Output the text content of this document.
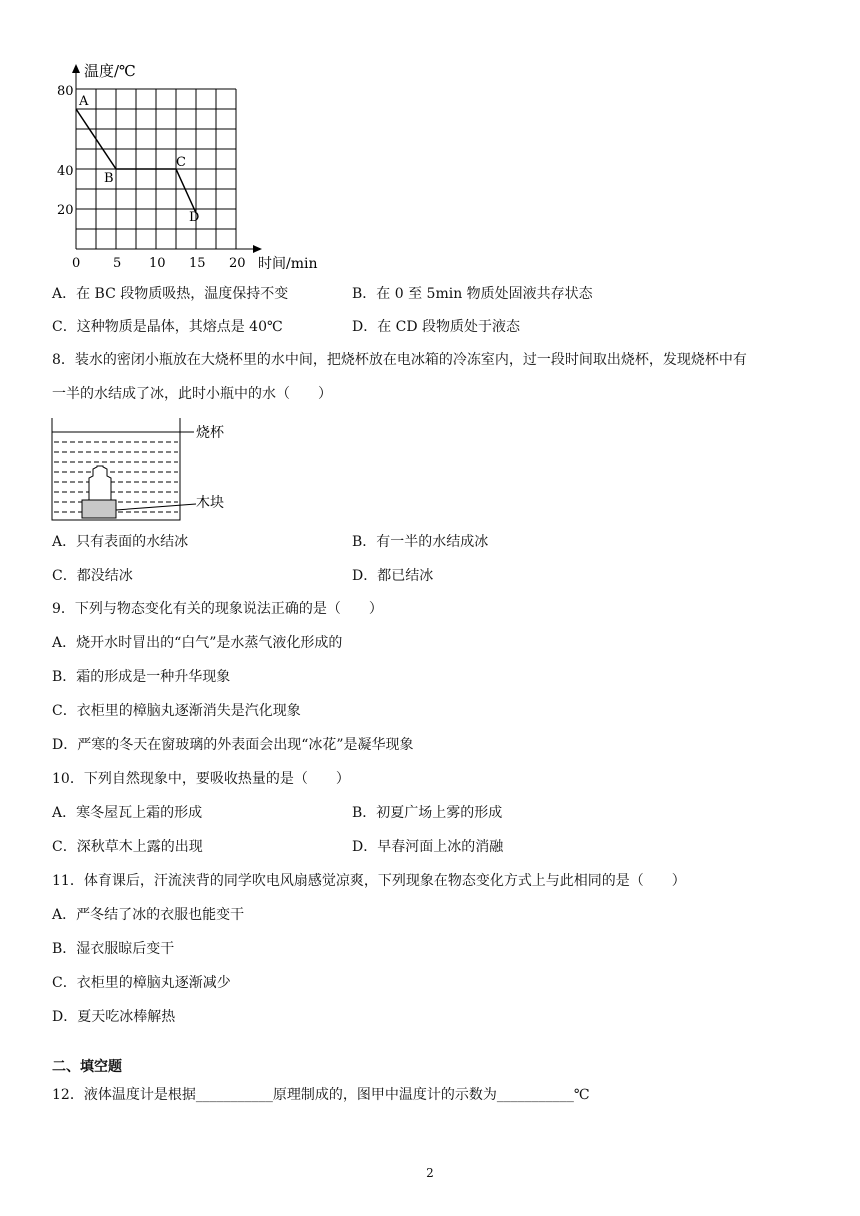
温度/℃
时间/min
80
40
20
0	5 10 15 20
A
B
C
D
A．在 BC 段物质吸热，温度保持不变	B．在 0 至 5min 物质处固液共存状态
C．这种物质是晶体，其熔点是 40℃	D．在 CD 段物质处于液态
8．装水的密闭小瓶放在大烧杯里的水中间，把烧杯放在电冰箱的冷冻室内，过一段时间取出烧杯，发现烧杯中有
一半的水结成了冰，此时小瓶中的水（　　）
烧杯
木块
A．只有表面的水结冰	B．有一半的水结成冰
C．都没结冰	D．都已结冰
9．下列与物态变化有关的现象说法正确的是（　　）
A．烧开水时冒出的“白气”是水蒸气液化形成的
B．霜的形成是一种升华现象
C．衣柜里的樟脑丸逐渐消失是汽化现象
D．严寒的冬天在窗玻璃的外表面会出现“冰花”是凝华现象
10．下列自然现象中，要吸收热量的是（　　）
A．寒冬屋瓦上霜的形成	B．初夏广场上雾的形成
C．深秋草木上露的出现	D．早春河面上冰的消融
11．体育课后，汗流浃背的同学吹电风扇感觉凉爽，下列现象在物态变化方式上与此相同的是（　　）
A．严冬结了冰的衣服也能变干
B．湿衣服晾后变干
C．衣柜里的樟脑丸逐渐减少
D．夏天吃冰棒解热
二、填空题
12．液体温度计是根据___________原理制成的，图甲中温度计的示数为___________℃
2
